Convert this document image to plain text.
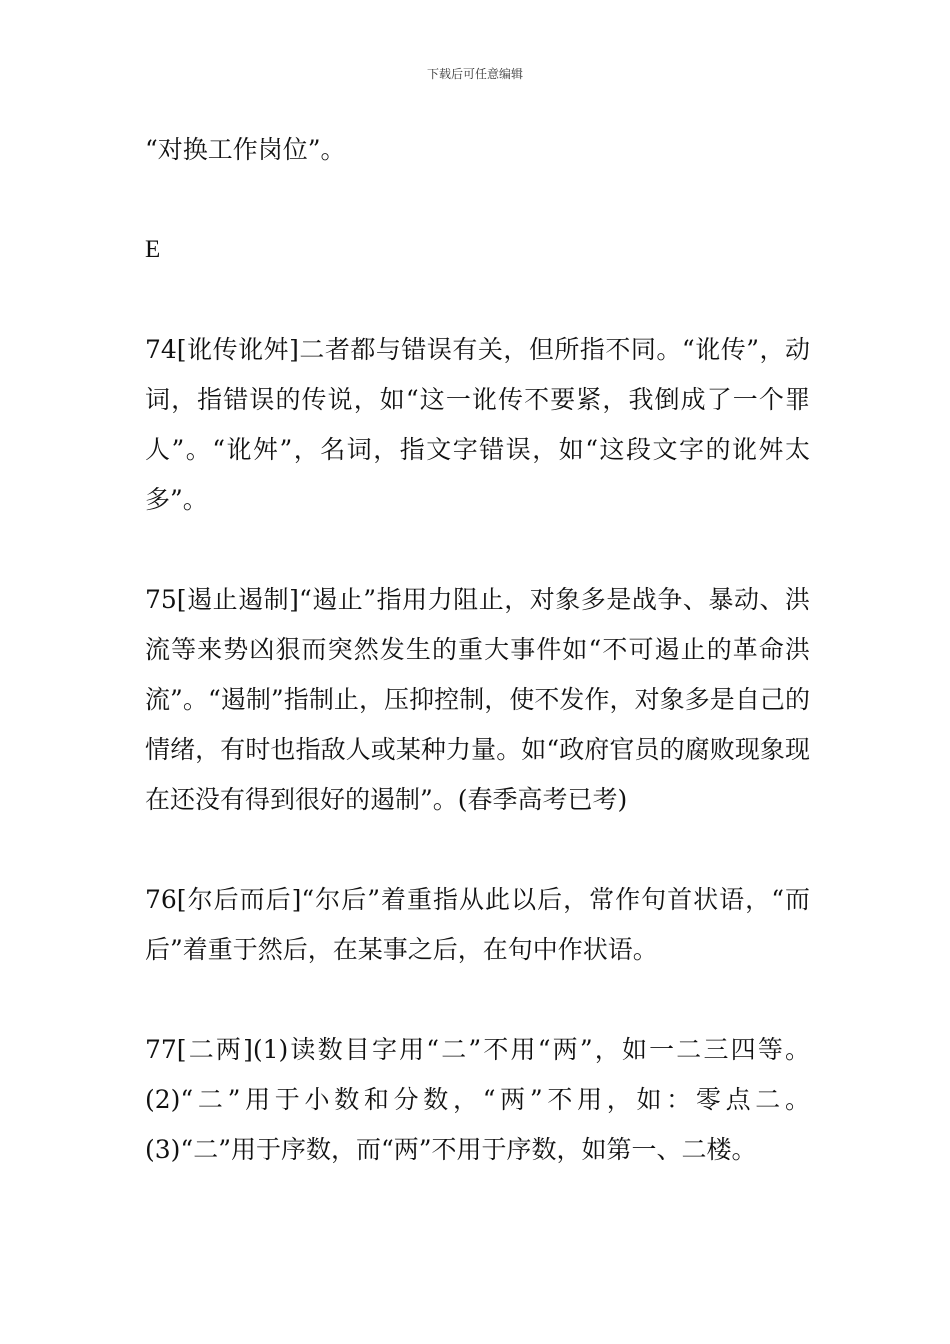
下载后可任意编辑

“对换工作岗位”。

E

74[讹传讹舛]二者都与错误有关，但所指不同。“讹传”，动词，指错误的传说，如“这一讹传不要紧，我倒成了一个罪人”。“讹舛”，名词，指文字错误，如“这段文字的讹舛太多”。

75[遏止遏制]“遏止”指用力阻止，对象多是战争、暴动、洪流等来势凶狠而突然发生的重大事件如“不可遏止的革命洪流”。“遏制”指制止，压抑控制，使不发作，对象多是自己的情绪，有时也指敌人或某种力量。如“政府官员的腐败现象现在还没有得到很好的遏制”。(春季高考已考)

76[尔后而后]“尔后”着重指从此以后，常作句首状语，“而后”着重于然后，在某事之后，在句中作状语。

77[二两](1)读数目字用“二”不用“两”，如一二三四等。(2)“二”用于小数和分数，“两”不用，如：零点二。(3)“二”用于序数，而“两”不用于序数，如第一、二楼。
